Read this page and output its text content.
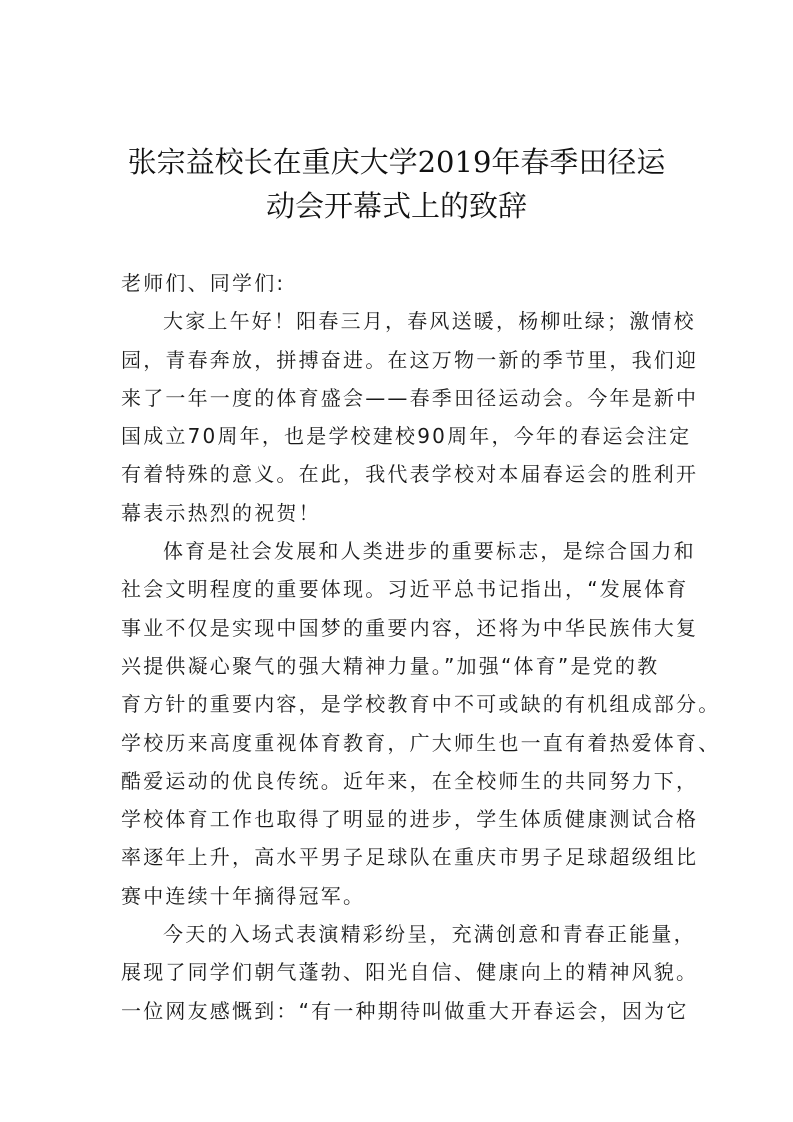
张宗益校长在重庆大学2019年春季田径运
动会开幕式上的致辞
老师们、同学们:
大家上午好！阳春三月，春风送暖，杨柳吐绿；激情校
园，青春奔放，拼搏奋进。在这万物一新的季节里，我们迎
来了一年一度的体育盛会——春季田径运动会。今年是新中
国成立70周年，也是学校建校90周年，今年的春运会注定
有着特殊的意义。在此，我代表学校对本届春运会的胜利开
幕表示热烈的祝贺！
体育是社会发展和人类进步的重要标志，是综合国力和
社会文明程度的重要体现。习近平总书记指出，“发展体育
事业不仅是实现中国梦的重要内容，还将为中华民族伟大复
兴提供凝心聚气的强大精神力量。”加强“体育”是党的教
育方针的重要内容，是学校教育中不可或缺的有机组成部分。
学校历来高度重视体育教育，广大师生也一直有着热爱体育、
酷爱运动的优良传统。近年来，在全校师生的共同努力下，
学校体育工作也取得了明显的进步，学生体质健康测试合格
率逐年上升，高水平男子足球队在重庆市男子足球超级组比
赛中连续十年摘得冠军。
今天的入场式表演精彩纷呈，充满创意和青春正能量，
展现了同学们朝气蓬勃、阳光自信、健康向上的精神风貌。
一位网友感慨到：“有一种期待叫做重大开春运会，因为它
